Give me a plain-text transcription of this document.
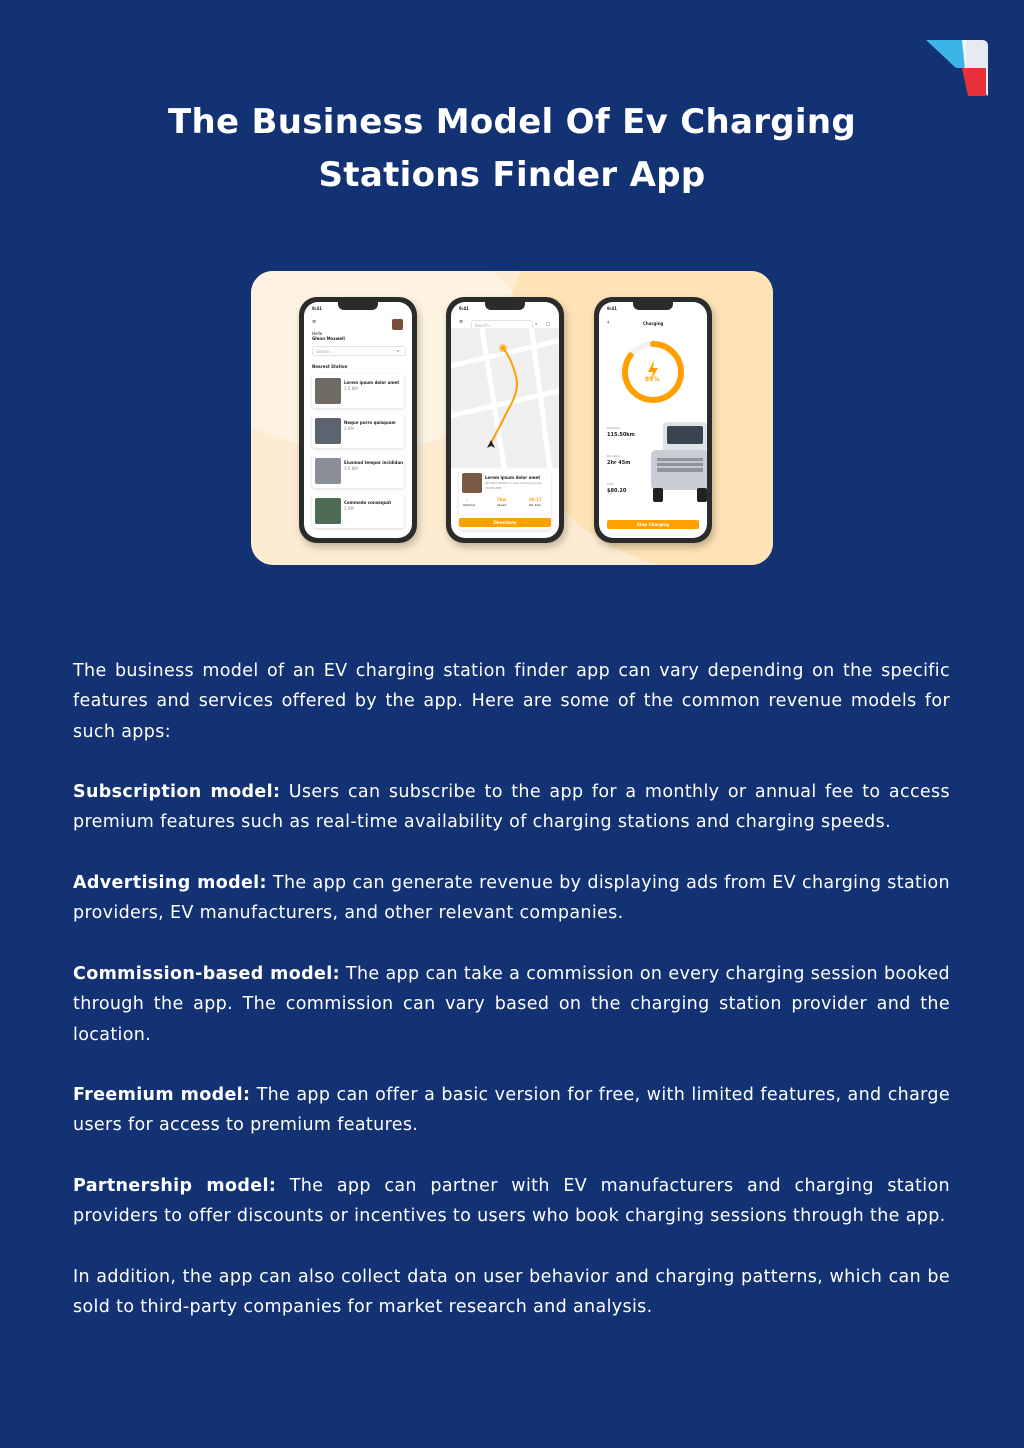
The Business Model Of Ev Charging
Stations Finder App
9:41
≡
Hello
Glenn Maxwell
Search...	⌕
Nearest Station
Lorem ipsum dolor amet
2.5 KM
Neque porro quisquam
3 KM
Eiusmod tempor incididun
3.6 KM
Commodo consequat
1 KM
9:41
≡	Search...	⌕ □
Lorem ipsum dolor amet
46 Saint Martin's Lane, Charing Cross, WC2N 4HR
☆
Optimal
7kw
Speed
$0.17
Per kwh
Directions
9:41
‹	Charging
85%
Distance
115.50km
Duration
2hr 45m
Cost
$80.20
Stop Charging

The business model of an EV charging station finder app can vary depending on the specific features and services offered by the app. Here are some of the common revenue models for such apps:

Subscription model: Users can subscribe to the app for a monthly or annual fee to access premium features such as real-time availability of charging stations and charging speeds.

Advertising model: The app can generate revenue by displaying ads from EV charging station providers, EV manufacturers, and other relevant companies.

Commission-based model: The app can take a commission on every charging session booked through the app. The commission can vary based on the charging station provider and the location.

Freemium model: The app can offer a basic version for free, with limited features, and charge users for access to premium features.

Partnership model: The app can partner with EV manufacturers and charging station providers to offer discounts or incentives to users who book charging sessions through the app.

In addition, the app can also collect data on user behavior and charging patterns, which can be sold to third-party companies for market research and analysis.
